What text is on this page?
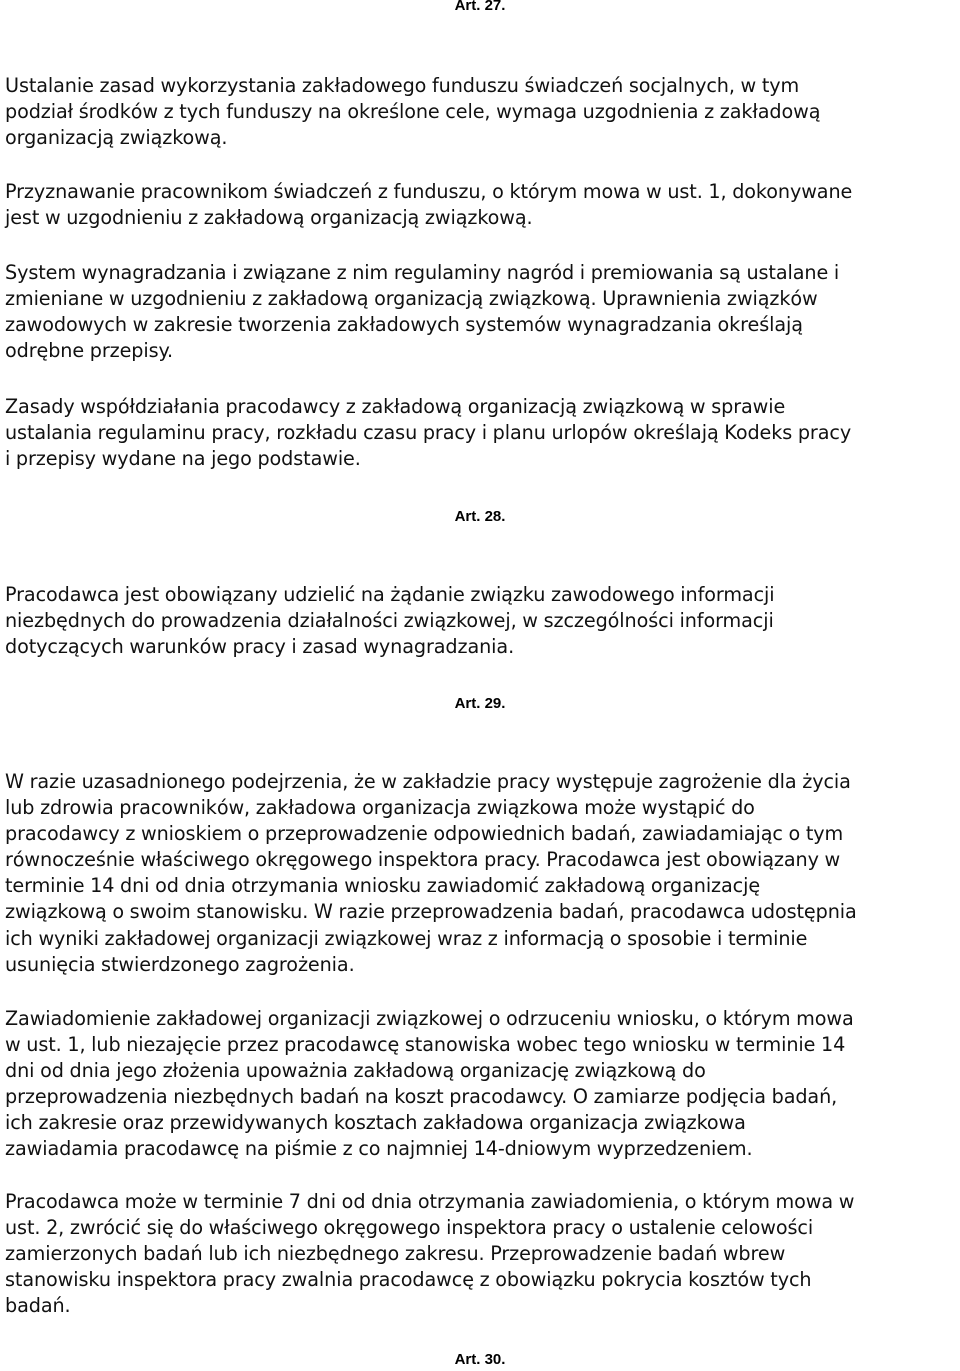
Art. 27.
Ustalanie zasad wykorzystania zakładowego funduszu świadczeń socjalnych, w tym
podział środkόw z tych funduszy na określone cele, wymaga uzgodnienia z zakładową
organizacją związkową.
Przyznawanie pracownikom świadczeń z funduszu, o ktόrym mowa w ust. 1, dokonywane
jest w uzgodnieniu z zakładową organizacją związkową.
System wynagradzania i związane z nim regulaminy nagrόd i premiowania są ustalane i
zmieniane w uzgodnieniu z zakładową organizacją związkową. Uprawnienia związkόw
zawodowych w zakresie tworzenia zakładowych systemόw wynagradzania określają
odrębne przepisy.
Zasady wspόłdziałania pracodawcy z zakładową organizacją związkową w sprawie
ustalania regulaminu pracy, rozkładu czasu pracy i planu urlopόw określają Kodeks pracy
i przepisy wydane na jego podstawie.
Art. 28.
Pracodawca jest obowiązany udzielić na żądanie związku zawodowego informacji
niezbędnych do prowadzenia działalności związkowej, w szczegόlności informacji
dotyczących warunkόw pracy i zasad wynagradzania.
Art. 29.
W razie uzasadnionego podejrzenia, że w zakładzie pracy występuje zagrożenie dla życia
lub zdrowia pracownikόw, zakładowa organizacja związkowa może wystąpić do
pracodawcy z wnioskiem o przeprowadzenie odpowiednich badań, zawiadamiając o tym
rόwnocześnie właściwego okręgowego inspektora pracy. Pracodawca jest obowiązany w
terminie 14 dni od dnia otrzymania wniosku zawiadomić zakładową organizację
związkową o swoim stanowisku. W razie przeprowadzenia badań, pracodawca udostępnia
ich wyniki zakładowej organizacji związkowej wraz z informacją o sposobie i terminie
usunięcia stwierdzonego zagrożenia.
Zawiadomienie zakładowej organizacji związkowej o odrzuceniu wniosku, o ktόrym mowa
w ust. 1, lub niezajęcie przez pracodawcę stanowiska wobec tego wniosku w terminie 14
dni od dnia jego złożenia upoważnia zakładową organizację związkową do
przeprowadzenia niezbędnych badań na koszt pracodawcy. O zamiarze podjęcia badań,
ich zakresie oraz przewidywanych kosztach zakładowa organizacja związkowa
zawiadamia pracodawcę na piśmie z co najmniej 14-dniowym wyprzedzeniem.
Pracodawca może w terminie 7 dni od dnia otrzymania zawiadomienia, o ktόrym mowa w
ust. 2, zwrόcić się do właściwego okręgowego inspektora pracy o ustalenie celowości
zamierzonych badań lub ich niezbędnego zakresu. Przeprowadzenie badań wbrew
stanowisku inspektora pracy zwalnia pracodawcę z obowiązku pokrycia kosztόw tych
badań.
Art. 30.
